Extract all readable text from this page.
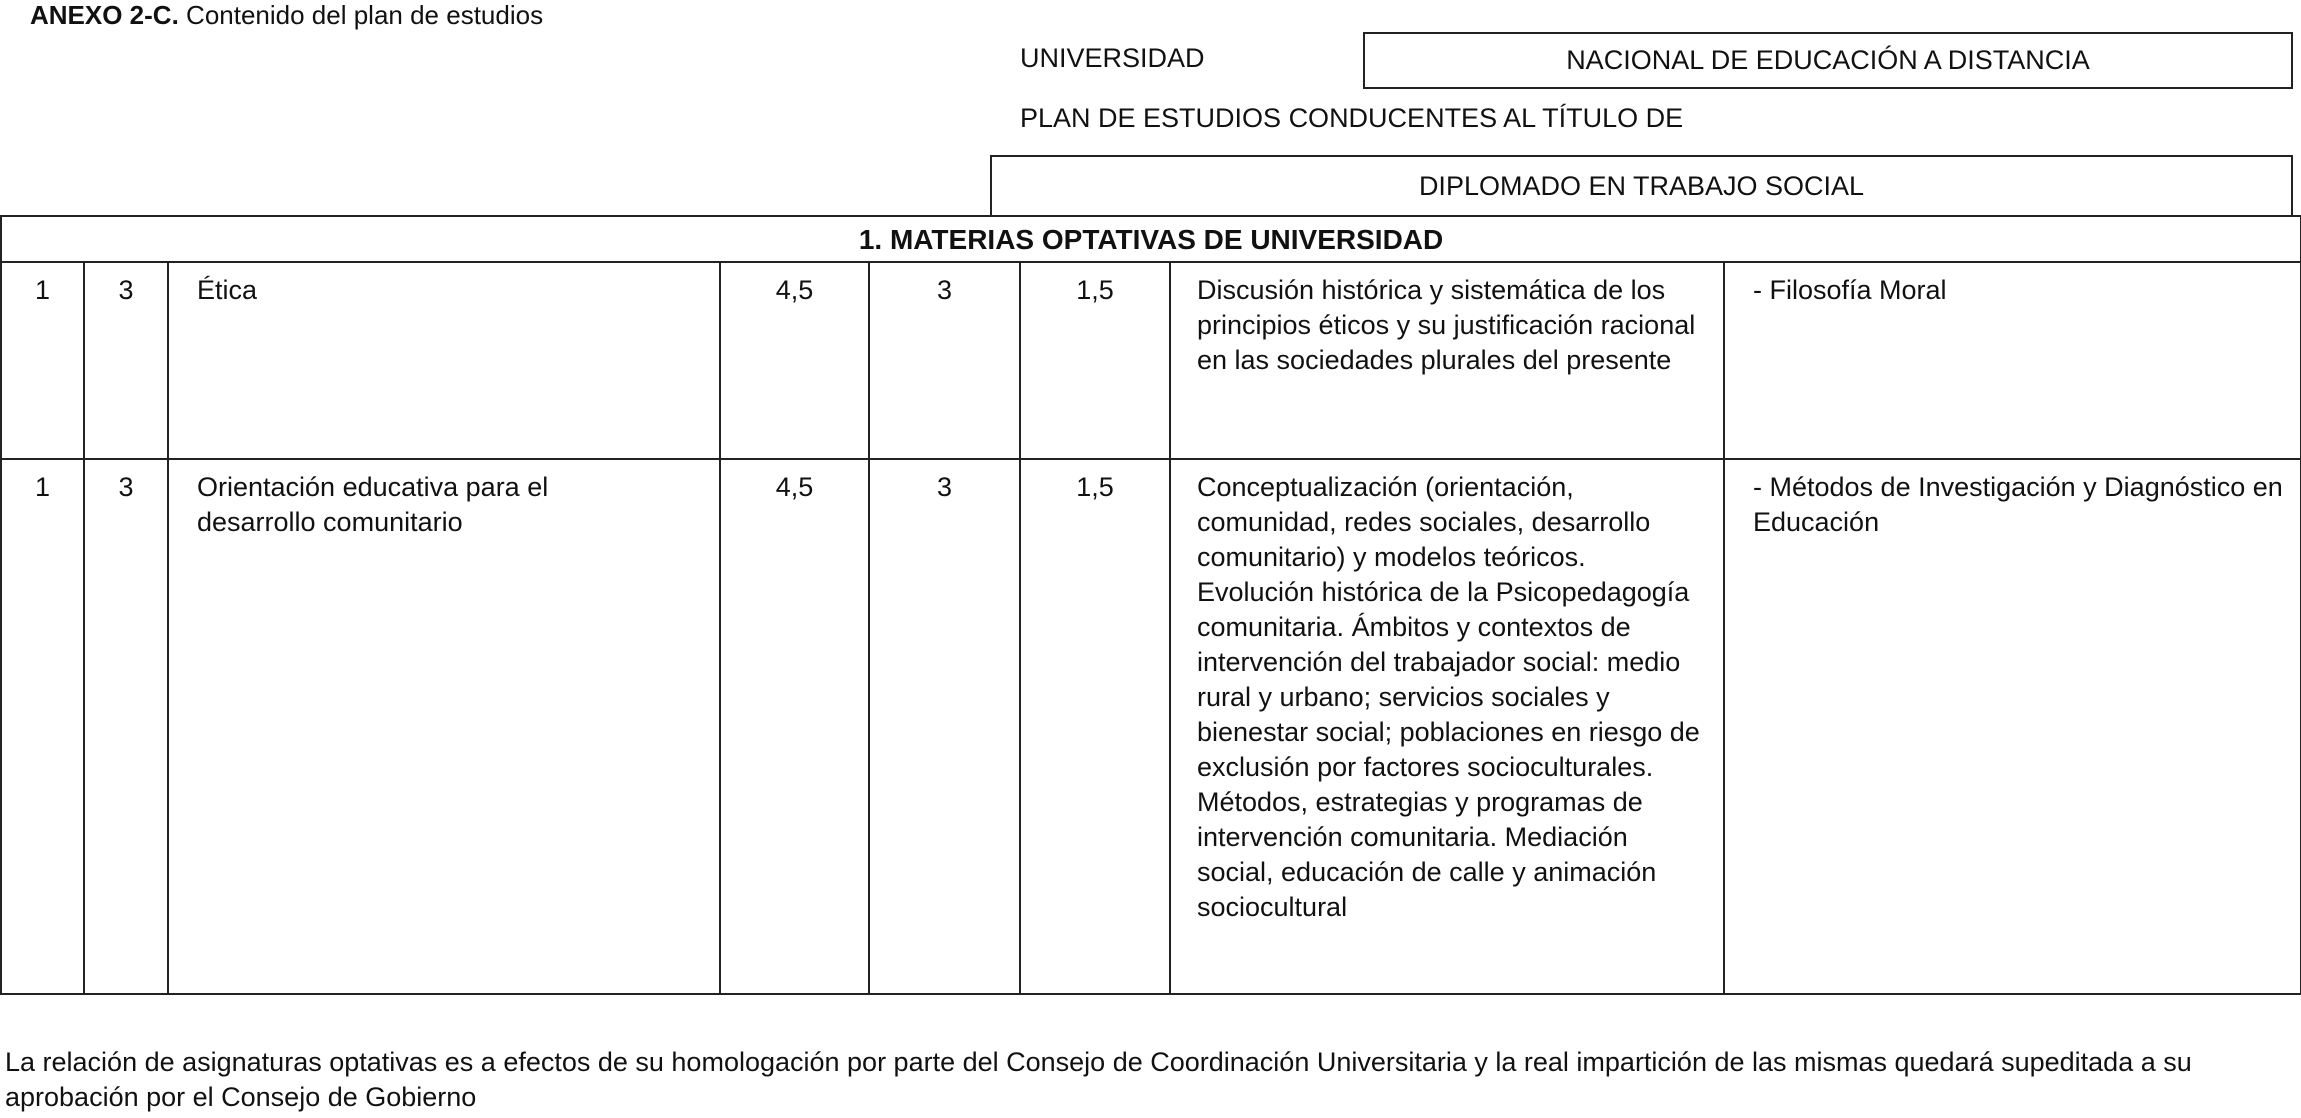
ANEXO 2-C. Contenido del plan de estudios
UNIVERSIDAD	NACIONAL DE EDUCACIÓN A DISTANCIA
PLAN DE ESTUDIOS CONDUCENTES AL TÍTULO DE
DIPLOMADO EN TRABAJO SOCIAL
1. MATERIAS OPTATIVAS DE UNIVERSIDAD							
1	3	Ética	4,5	3	1,5	Discusión histórica y sistemática de los principios éticos y su justificación racional en las sociedades plurales del presente	- Filosofía Moral
1	3	Orientación educativa para el desarrollo comunitario	4,5	3	1,5	Conceptualización (orientación, comunidad, redes sociales, desarrollo comunitario) y modelos teóricos. Evolución histórica de la Psicopedagogía comunitaria. Ámbitos y contextos de intervención del trabajador social: medio rural y urbano; servicios sociales y bienestar social; poblaciones en riesgo de exclusión por factores socioculturales. Métodos, estrategias y programas de intervención comunitaria. Mediación social, educación de calle y animación sociocultural	- Métodos de Investigación y Diagnóstico en Educación
La relación de asignaturas optativas es a efectos de su homologación por parte del Consejo de Coordinación Universitaria y la real impartición de las mismas quedará supeditada a su aprobación por el Consejo de Gobierno
